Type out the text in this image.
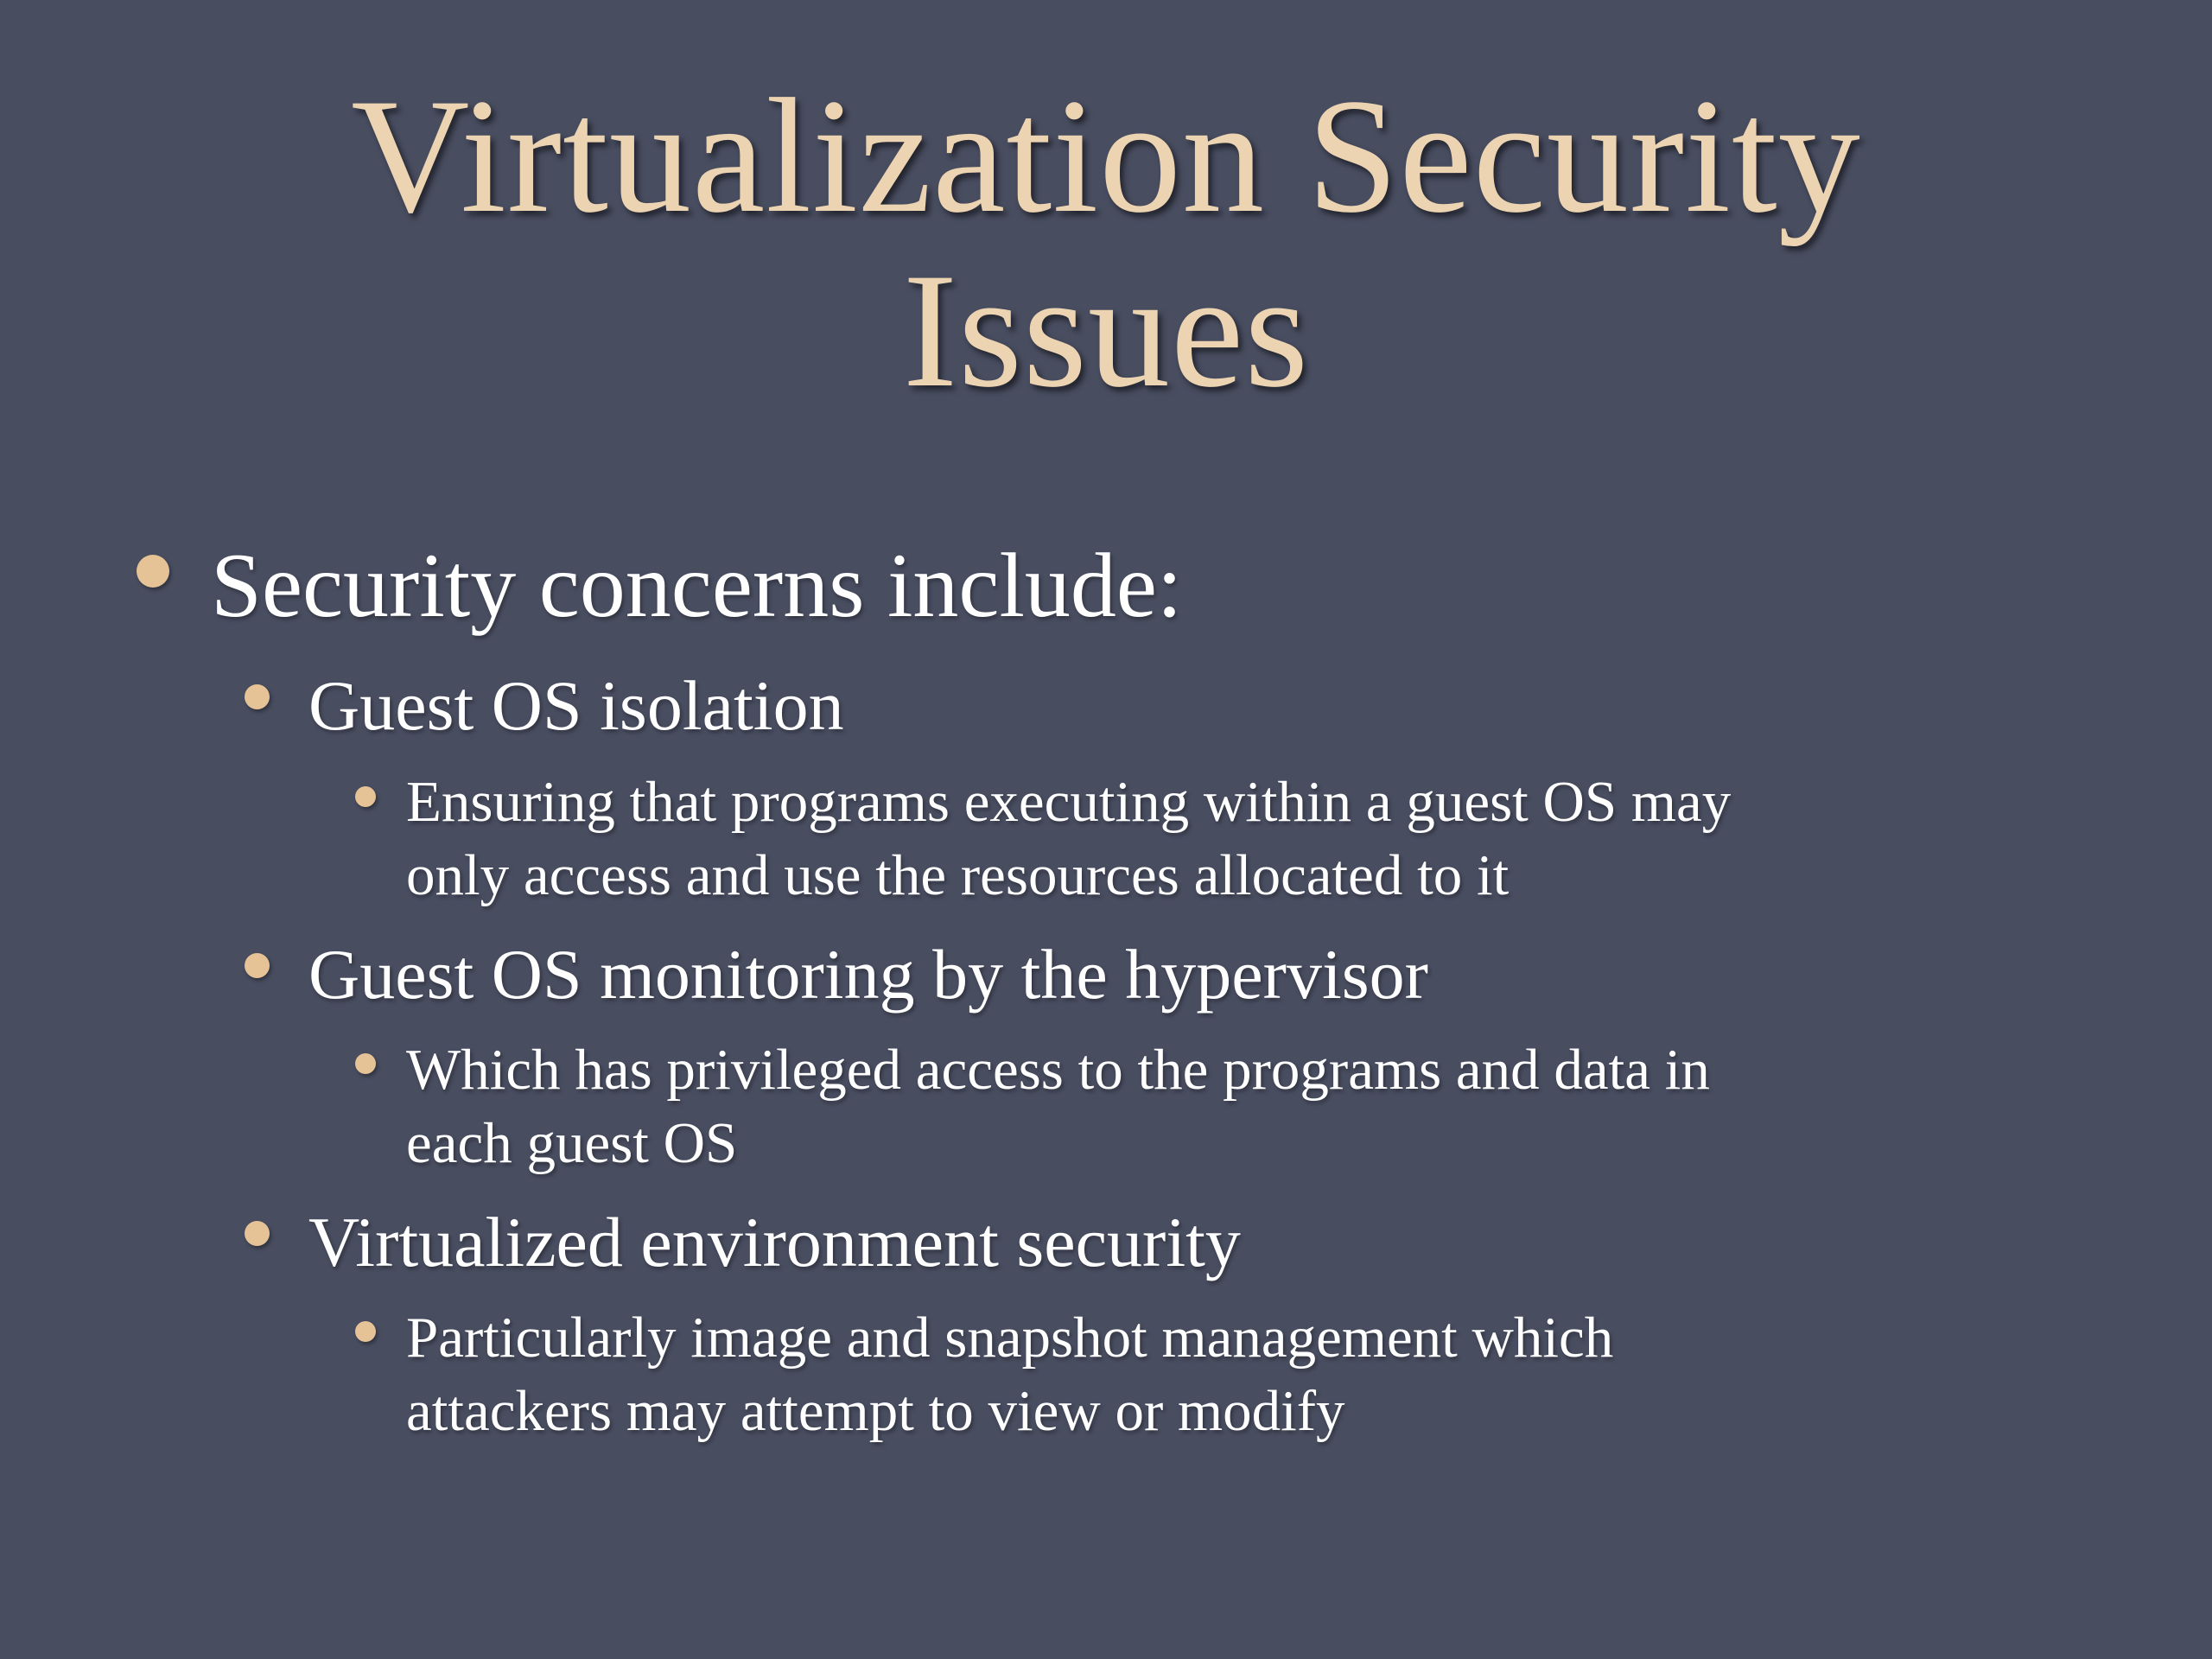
Virtualization Security
Issues
Security concerns include:
Guest OS isolation
Ensuring that programs executing within a guest OS may
only access and use the resources allocated to it
Guest OS monitoring by the hypervisor
Which has privileged access to the programs and data in
each guest OS
Virtualized environment security
Particularly image and snapshot management which
attackers may attempt to view or modify
